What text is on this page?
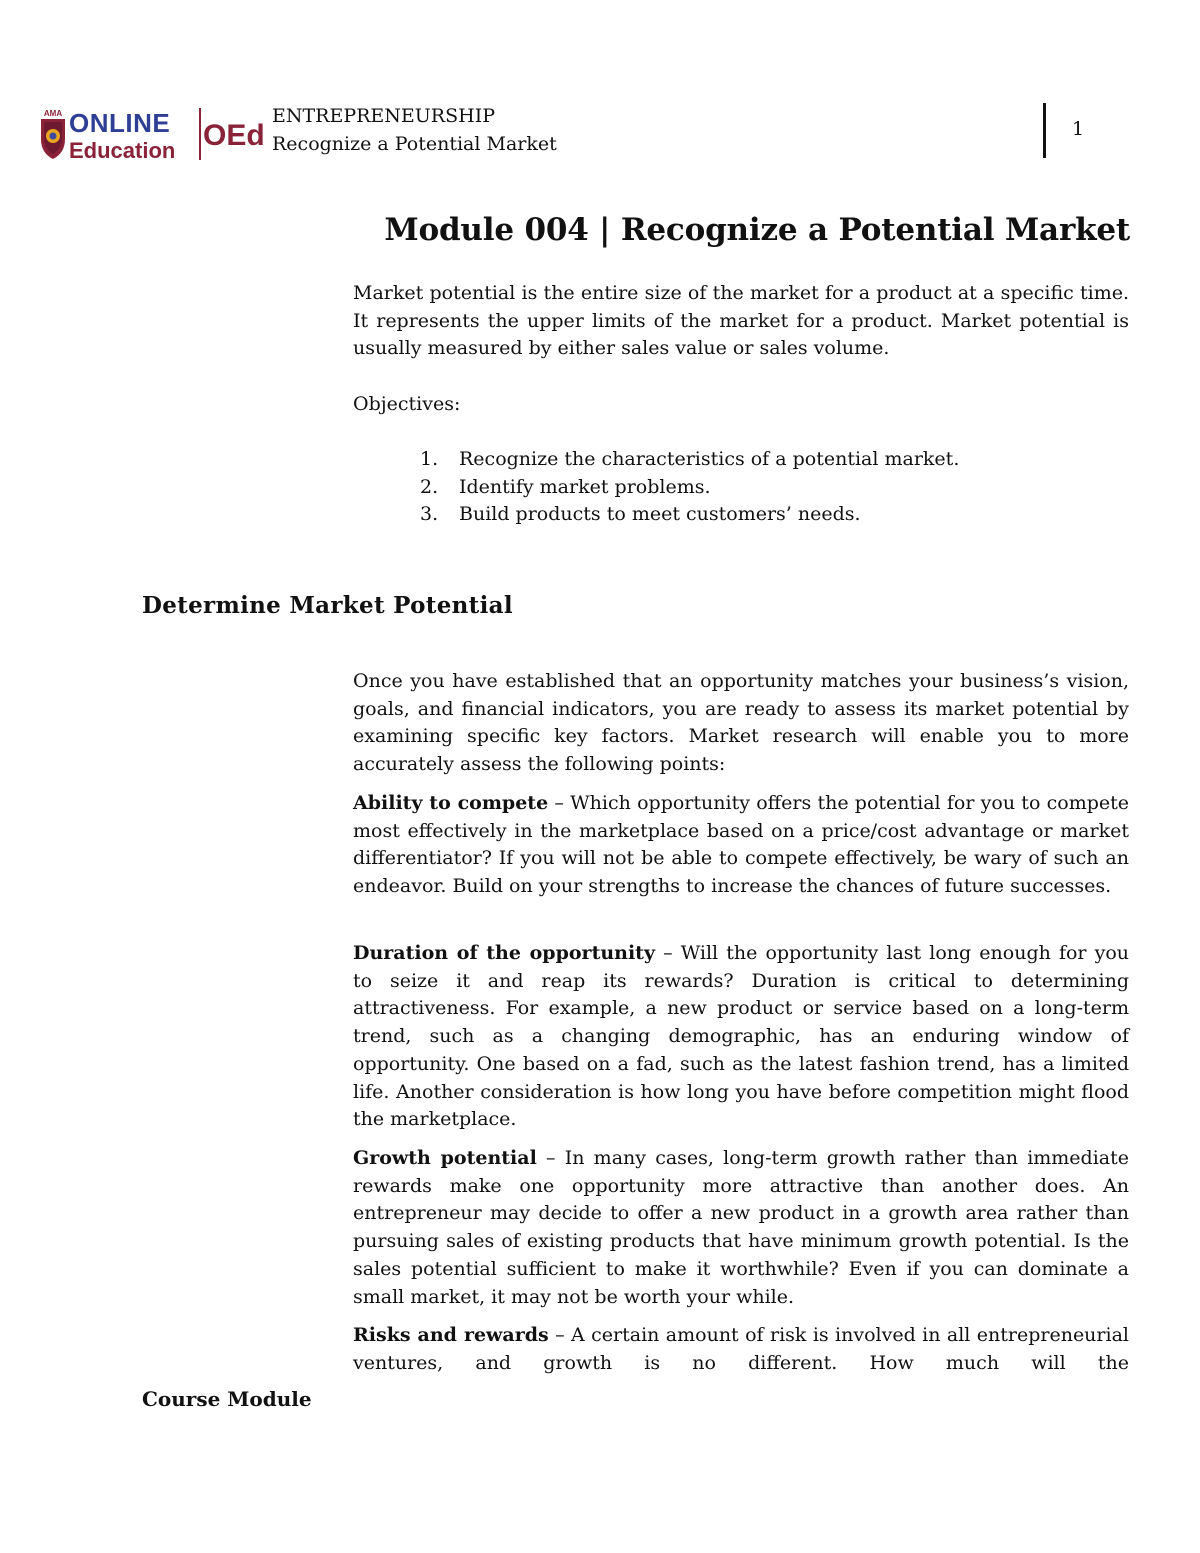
AMA ONLINE
Education OEd
ENTREPRENEURSHIP
Recognize a Potential Market
1
Module 004 | Recognize a Potential Market

Market potential is the entire size of the market for a product at a specific time. It represents the upper limits of the market for a product. Market potential is usually measured by either sales value or sales volume.

Objectives:
1. Recognize the characteristics of a potential market.
2. Identify market problems.
3. Build products to meet customers’ needs.
Determine Market Potential

Once you have established that an opportunity matches your business’s vision, goals, and financial indicators, you are ready to assess its market potential by examining specific key factors. Market research will enable you to more accurately assess the following points:

Ability to compete – Which opportunity offers the potential for you to compete most effectively in the marketplace based on a price/cost advantage or market differentiator? If you will not be able to compete effectively, be wary of such an endeavor. Build on your strengths to increase the chances of future successes.

Duration of the opportunity – Will the opportunity last long enough for you to seize it and reap its rewards? Duration is critical to determining attractiveness. For example, a new product or service based on a long-term trend, such as a changing demographic, has an enduring window of opportunity. One based on a fad, such as the latest fashion trend, has a limited life. Another consideration is how long you have before competition might flood the marketplace.

Growth potential – In many cases, long-term growth rather than immediate rewards make one opportunity more attractive than another does. An entrepreneur may decide to offer a new product in a growth area rather than pursuing sales of existing products that have minimum growth potential. Is the sales potential sufficient to make it worthwhile? Even if you can dominate a small market, it may not be worth your while.

Risks and rewards – A certain amount of risk is involved in all entrepreneurial ventures, and growth is no different. How much will the

Course Module
